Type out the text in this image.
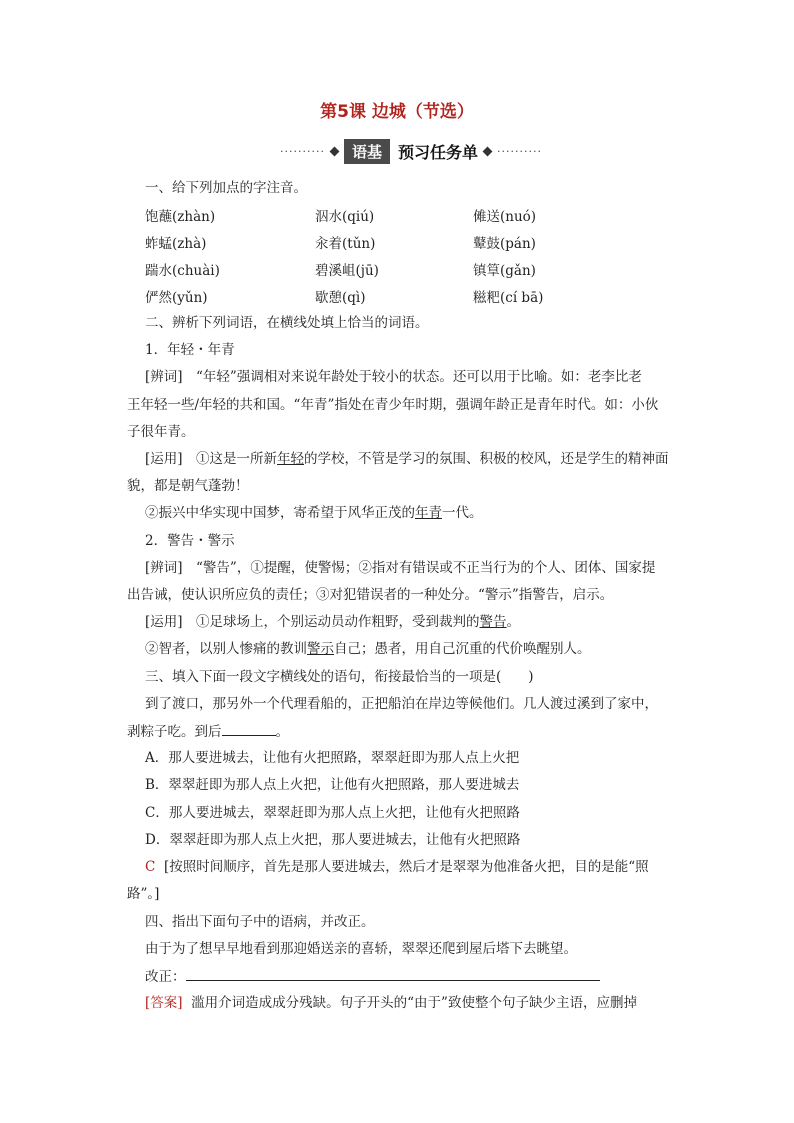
第5课 边城（节选）
··········	语基	预习任务单 ··········
一、给下列加点的字注音。
饱蘸(zhàn)	泅水(qiú)	傩送(nuó)
蚱蜢(zhà)	汆着(tǔn)	鼙鼓(pán)
踹水(chuài)	碧溪岨(jū)	镇筸(gǎn)
俨然(yǔn)	歇憩(qì)	糍粑(cí bā)
二、辨析下列词语，在横线处填上恰当的词语。
1．年轻・年青
[辨词]　“年轻”强调相对来说年龄处于较小的状态。还可以用于比喻。如：老李比老
王年轻一些/年轻的共和国。“年青”指处在青少年时期，强调年龄正是青年时代。如：小伙
子很年青。
[运用]　①这是一所新年轻的学校，不管是学习的氛围、积极的校风，还是学生的精神面
貌，都是朝气蓬勃！
②振兴中华实现中国梦，寄希望于风华正茂的年青一代。
2．警告・警示
[辨词]　“警告”，①提醒，使警惕；②指对有错误或不正当行为的个人、团体、国家提
出告诫，使认识所应负的责任；③对犯错误者的一种处分。“警示”指警告，启示。
[运用]　①足球场上，个别运动员动作粗野，受到裁判的警告。
②智者，以别人惨痛的教训警示自己；愚者，用自己沉重的代价唤醒别人。
三、填入下面一段文字横线处的语句，衔接最恰当的一项是(　　)
到了渡口，那另外一个代理看船的，正把船泊在岸边等候他们。几人渡过溪到了家中，
剥粽子吃。到后	。
A．那人要进城去，让他有火把照路，翠翠赶即为那人点上火把
B．翠翠赶即为那人点上火把，让他有火把照路，那人要进城去
C．那人要进城去，翠翠赶即为那人点上火把，让他有火把照路
D．翠翠赶即为那人点上火把，那人要进城去，让他有火把照路
C [按照时间顺序，首先是那人要进城去，然后才是翠翠为他准备火把，目的是能“照
路”。]
四、指出下面句子中的语病，并改正。
由于为了想早早地看到那迎婚送亲的喜轿，翠翠还爬到屋后塔下去眺望。
改正：
[答案] 滥用介词造成成分残缺。句子开头的“由于”致使整个句子缺少主语，应删掉
